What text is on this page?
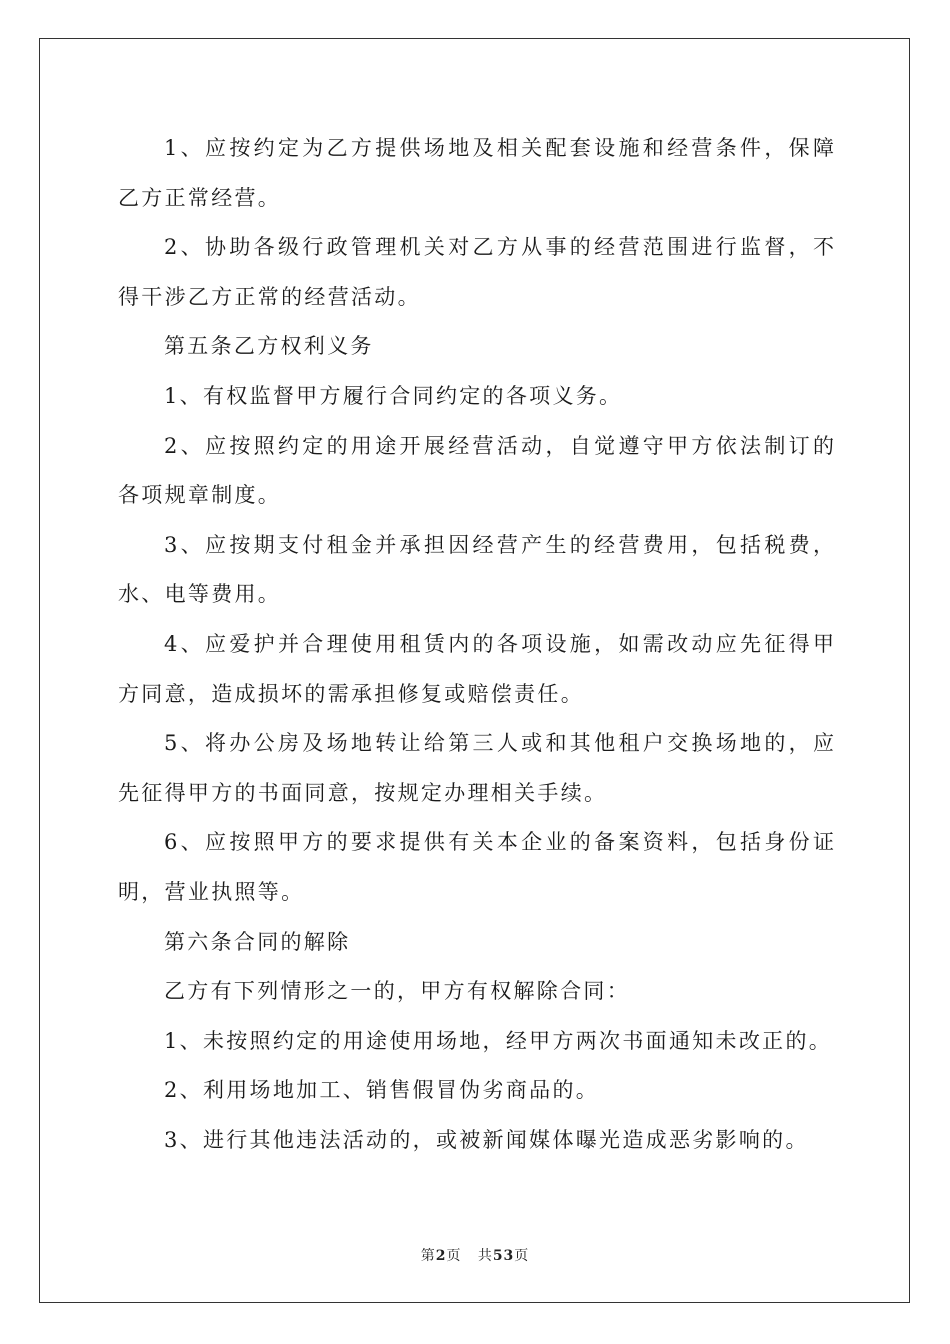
1、应按约定为乙方提供场地及相关配套设施和经营条件，保障
乙方正常经营。
2、协助各级行政管理机关对乙方从事的经营范围进行监督，不
得干涉乙方正常的经营活动。
第五条乙方权利义务
1、有权监督甲方履行合同约定的各项义务。
2、应按照约定的用途开展经营活动，自觉遵守甲方依法制订的
各项规章制度。
3、应按期支付租金并承担因经营产生的经营费用，包括税费，
水、电等费用。
4、应爱护并合理使用租赁内的各项设施，如需改动应先征得甲
方同意，造成损坏的需承担修复或赔偿责任。
5、将办公房及场地转让给第三人或和其他租户交换场地的，应
先征得甲方的书面同意，按规定办理相关手续。
6、应按照甲方的要求提供有关本企业的备案资料，包括身份证
明，营业执照等。
第六条合同的解除
乙方有下列情形之一的，甲方有权解除合同：
1、未按照约定的用途使用场地，经甲方两次书面通知未改正的。
2、利用场地加工、销售假冒伪劣商品的。
3、进行其他违法活动的，或被新闻媒体曝光造成恶劣影响的。
第2页 共53页
